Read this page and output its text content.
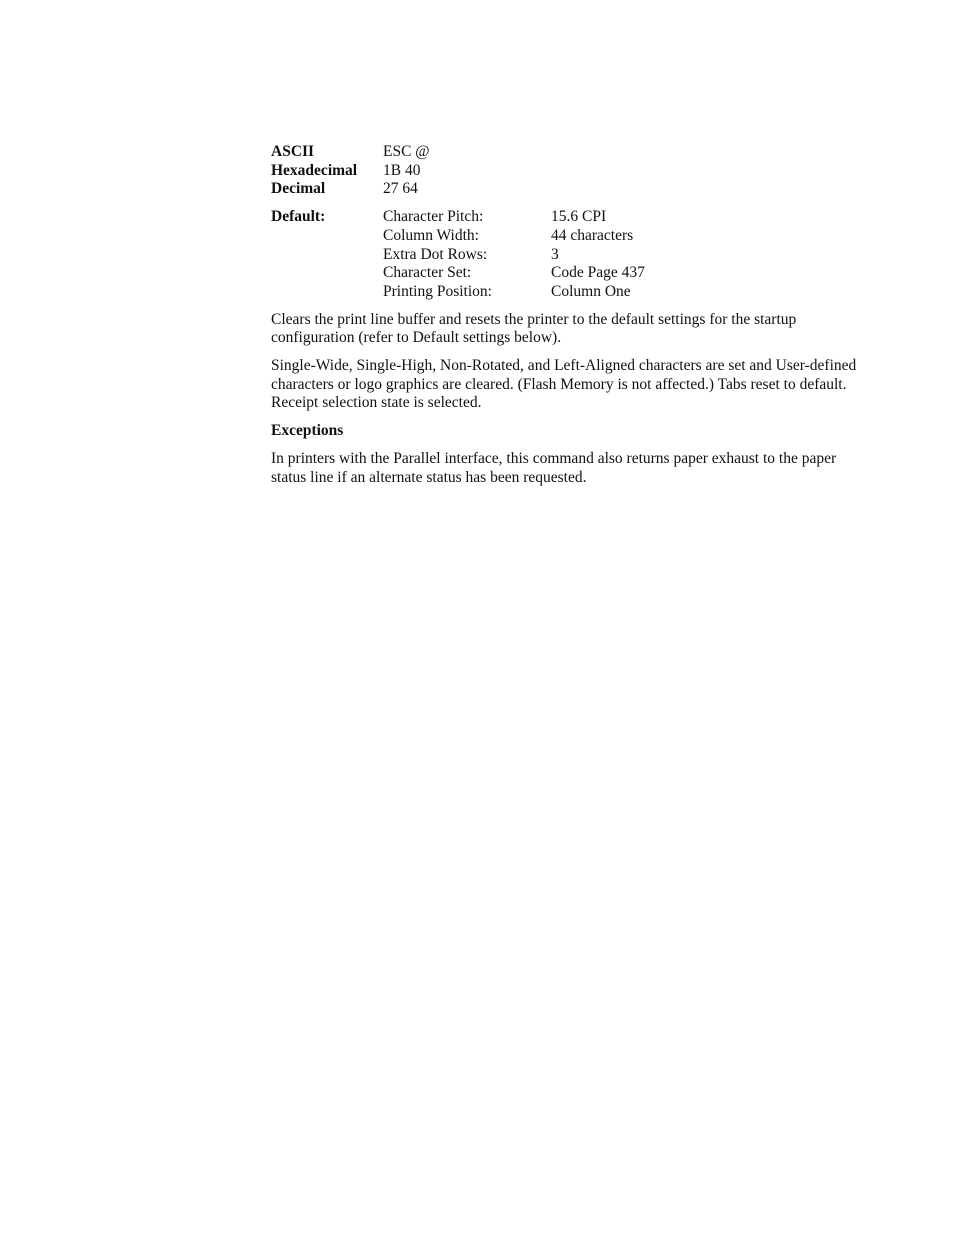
ASCII	ESC @
Hexadecimal	1B 40
Decimal	27 64
Default:	Character Pitch:	15.6 CPI
Column Width:	44 characters
Extra Dot Rows:	3
Character Set:	Code Page 437
Printing Position:	Column One

Clears the print line buffer and resets the printer to the default settings for the startup configuration (refer to Default settings below).

Single-Wide, Single-High, Non-Rotated, and Left-Aligned characters are set and User-defined characters or logo graphics are cleared. (Flash Memory is not affected.) Tabs reset to default. Receipt selection state is selected.

Exceptions

In printers with the Parallel interface, this command also returns paper exhaust to the paper status line if an alternate status has been requested.
